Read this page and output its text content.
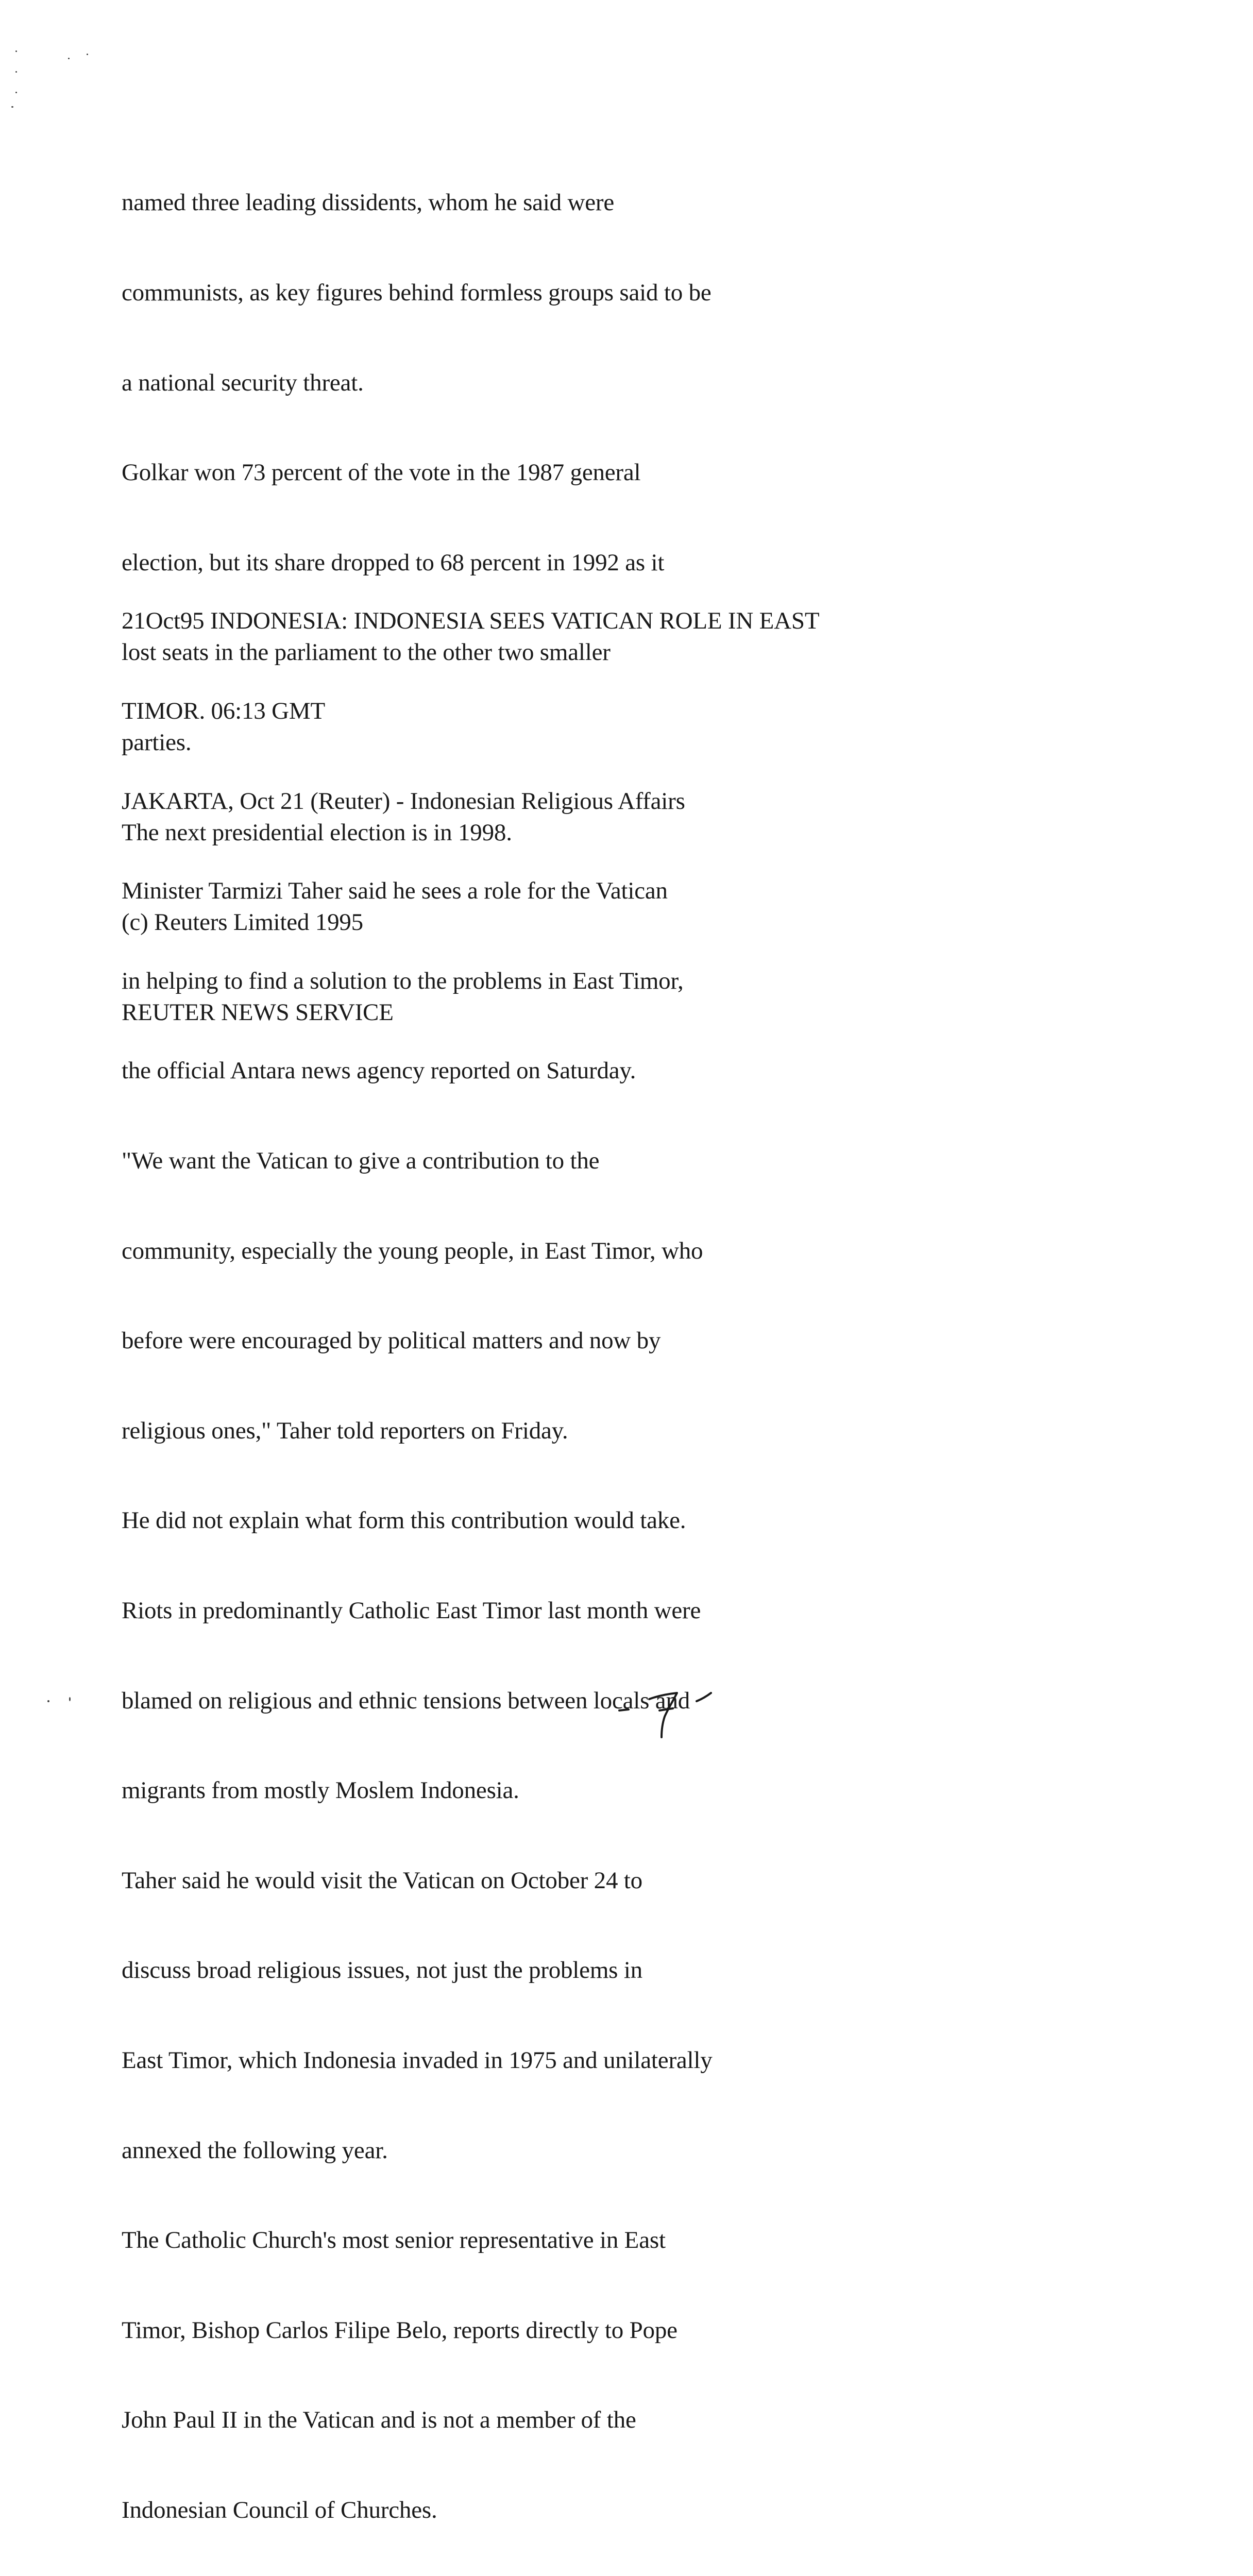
named three leading dissidents, whom he said were

communists, as key figures behind formless groups said to be

a national security threat.

Golkar won 73 percent of the vote in the 1987 general

election, but its share dropped to 68 percent in 1992 as it

lost seats in the parliament to the other two smaller

parties.

The next presidential election is in 1998.

(c) Reuters Limited 1995

REUTER NEWS SERVICE

21Oct95 INDONESIA: INDONESIA SEES VATICAN ROLE IN EAST

TIMOR. 06:13 GMT

JAKARTA, Oct 21 (Reuter) - Indonesian Religious Affairs

Minister Tarmizi Taher said he sees a role for the Vatican

in helping to find a solution to the problems in East Timor,

the official Antara news agency reported on Saturday.

"We want the Vatican to give a contribution to the

community, especially the young people, in East Timor, who

before were encouraged by political matters and now by

religious ones," Taher told reporters on Friday.

He did not explain what form this contribution would take.

Riots in predominantly Catholic East Timor last month were

blamed on religious and ethnic tensions between locals and

migrants from mostly Moslem Indonesia.

Taher said he would visit the Vatican on October 24 to

discuss broad religious issues, not just the problems in

East Timor, which Indonesia invaded in 1975 and unilaterally

annexed the following year.

The Catholic Church's most senior representative in East

Timor, Bishop Carlos Filipe Belo, reports directly to Pope

John Paul II in the Vatican and is not a member of the

Indonesian Council of Churches.
